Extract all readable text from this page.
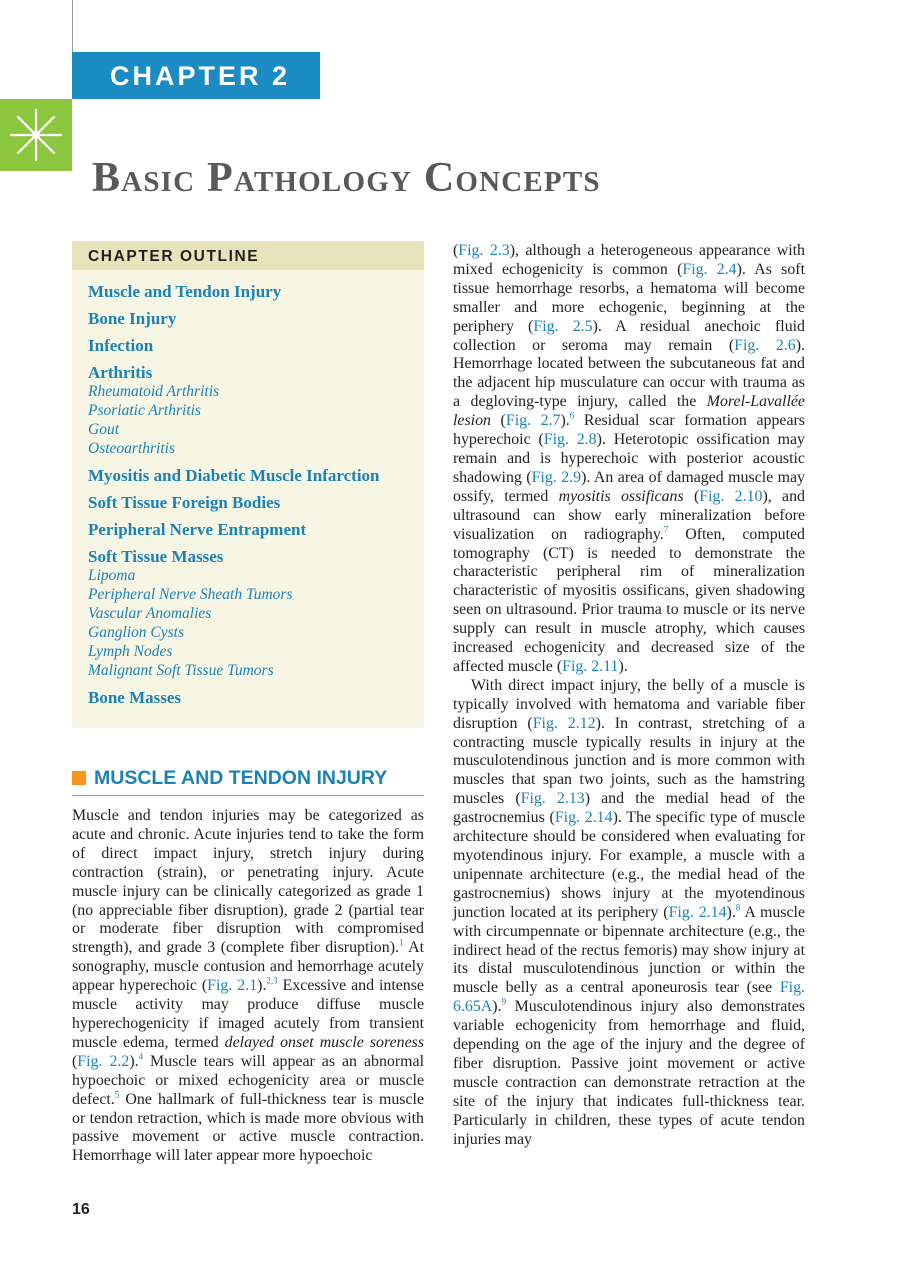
CHAPTER 2
Basic Pathology Concepts
CHAPTER OUTLINE
Muscle and Tendon Injury
Bone Injury
Infection
Arthritis
Rheumatoid Arthritis
Psoriatic Arthritis
Gout
Osteoarthritis
Myositis and Diabetic Muscle Infarction
Soft Tissue Foreign Bodies
Peripheral Nerve Entrapment
Soft Tissue Masses
Lipoma
Peripheral Nerve Sheath Tumors
Vascular Anomalies
Ganglion Cysts
Lymph Nodes
Malignant Soft Tissue Tumors
Bone Masses
MUSCLE AND TENDON INJURY

Muscle and tendon injuries may be categorized as acute and chronic. Acute injuries tend to take the form of direct impact injury, stretch injury during contraction (strain), or penetrating injury. Acute muscle injury can be clinically categorized as grade 1 (no appreciable fiber disruption), grade 2 (partial tear or moderate fiber disruption with compromised strength), and grade 3 (complete fiber disruption).$^1$ At sonography, muscle contusion and hemorrhage acutely appear hyperechoic (Fig. 2.1).$^{2,3}$ Excessive and intense muscle activity may produce diffuse muscle hyperechogenicity if imaged acutely from transient muscle edema, termed delayed onset muscle soreness (Fig. 2.2).$^4$ Muscle tears will appear as an abnormal hypoechoic or mixed echogenicity area or muscle defect.$^5$ One hallmark of full-thickness tear is muscle or tendon retraction, which is made more obvious with passive movement or active muscle contraction. Hemorrhage will later appear more hypoechoic

(Fig. 2.3), although a heterogeneous appearance with mixed echogenicity is common (Fig. 2.4). As soft tissue hemorrhage resorbs, a hematoma will become smaller and more echogenic, beginning at the periphery (Fig. 2.5). A residual anechoic fluid collection or seroma may remain (Fig. 2.6). Hemorrhage located between the subcutaneous fat and the adjacent hip musculature can occur with trauma as a degloving-type injury, called the Morel-Lavallée lesion (Fig. 2.7).$^6$ Residual scar formation appears hyperechoic (Fig. 2.8). Heterotopic ossification may remain and is hyperechoic with posterior acoustic shadowing (Fig. 2.9). An area of damaged muscle may ossify, termed myositis ossificans (Fig. 2.10), and ultrasound can show early mineralization before visualization on radiography.$^7$ Often, computed tomography (CT) is needed to demonstrate the characteristic peripheral rim of mineralization characteristic of myositis ossificans, given shadowing seen on ultrasound. Prior trauma to muscle or its nerve supply can result in muscle atrophy, which causes increased echogenicity and decreased size of the affected muscle (Fig. 2.11).

With direct impact injury, the belly of a muscle is typically involved with hematoma and variable fiber disruption (Fig. 2.12). In contrast, stretching of a contracting muscle typically results in injury at the musculotendinous junction and is more common with muscles that span two joints, such as the hamstring muscles (Fig. 2.13) and the medial head of the gastrocnemius (Fig. 2.14). The specific type of muscle architecture should be considered when evaluating for myotendinous injury. For example, a muscle with a unipennate architecture (e.g., the medial head of the gastrocnemius) shows injury at the myotendinous junction located at its periphery (Fig. 2.14).$^8$ A muscle with circumpennate or bipennate architecture (e.g., the indirect head of the rectus femoris) may show injury at its distal musculotendinous junction or within the muscle belly as a central aponeurosis tear (see Fig. 6.65A).$^9$ Musculotendinous injury also demonstrates variable echogenicity from hemorrhage and fluid, depending on the age of the injury and the degree of fiber disruption. Passive joint movement or active muscle contraction can demonstrate retraction at the site of the injury that indicates full-thickness tear. Particularly in children, these types of acute tendon injuries may

16
